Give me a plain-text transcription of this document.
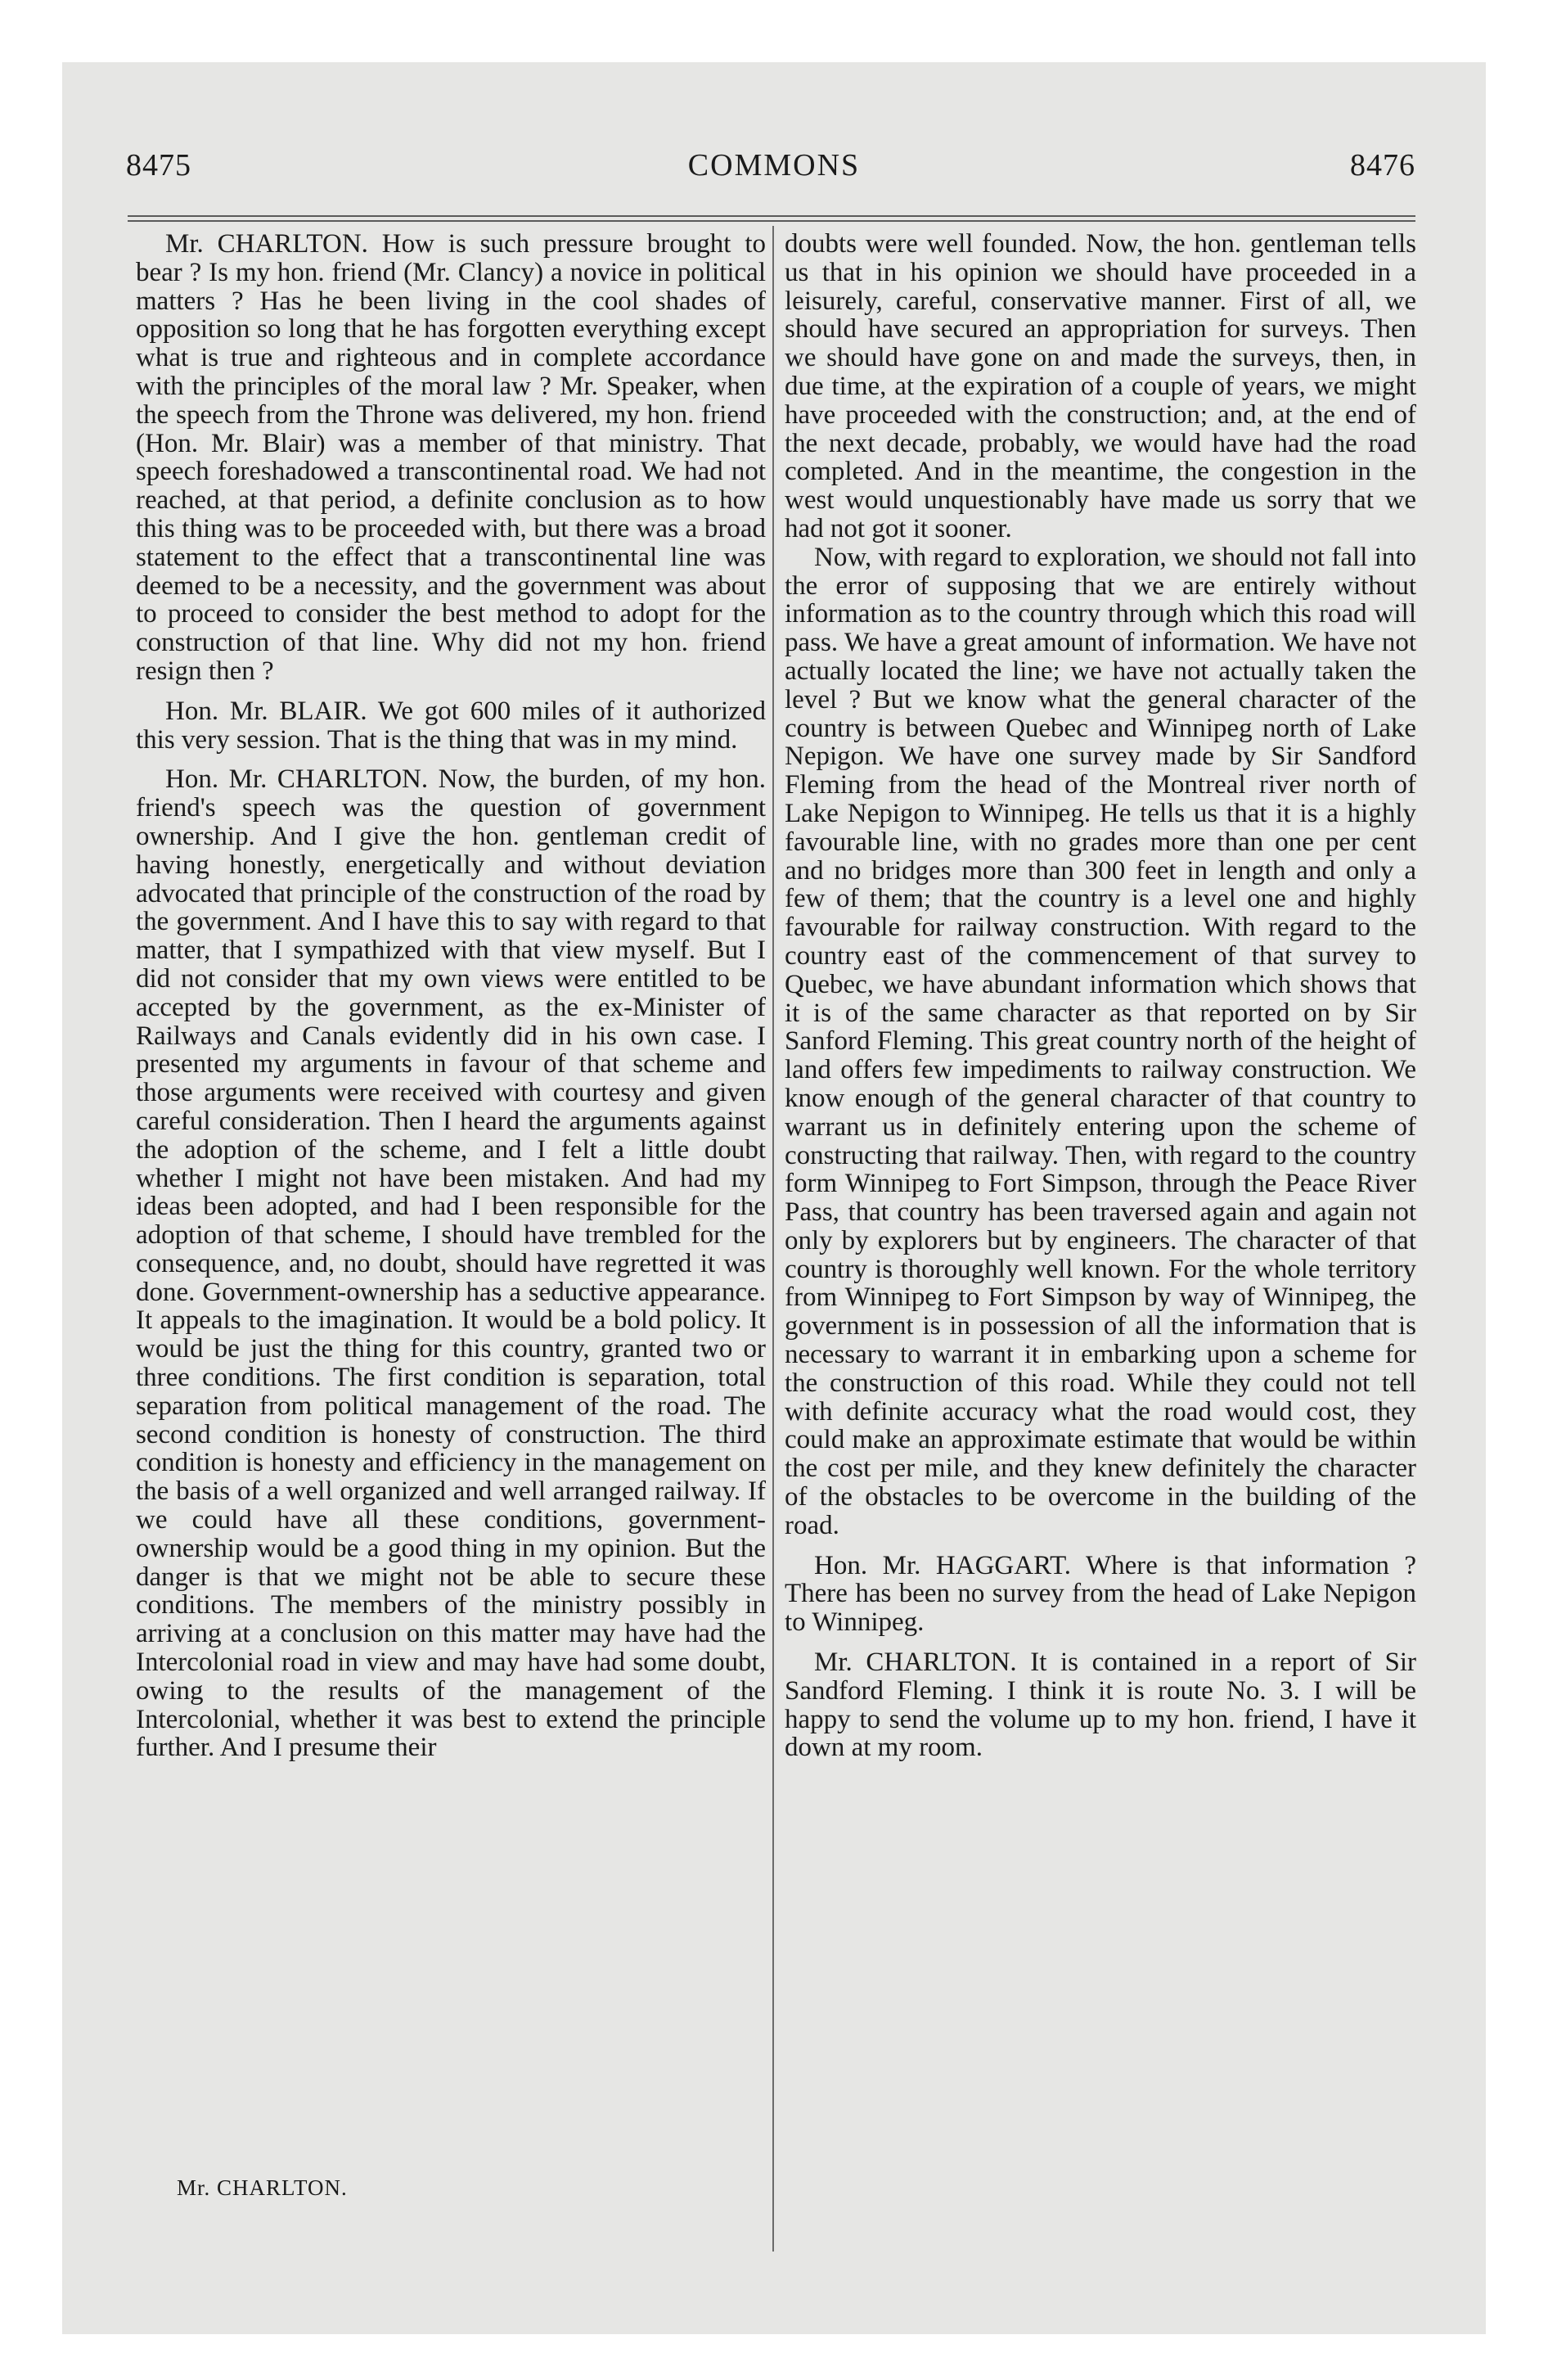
8475	COMMONS	8476

Mr. CHARLTON. How is such pressure brought to bear ? Is my hon. friend (Mr. Clancy) a novice in political matters ? Has he been living in the cool shades of opposition so long that he has forgotten everything except what is true and righteous and in complete accordance with the principles of the moral law ? Mr. Speaker, when the speech from the Throne was delivered, my hon. friend (Hon. Mr. Blair) was a member of that ministry. That speech foreshadowed a transcontinental road. We had not reached, at that period, a definite conclusion as to how this thing was to be proceeded with, but there was a broad statement to the effect that a transcontinental line was deemed to be a necessity, and the government was about to proceed to consider the best method to adopt for the construction of that line. Why did not my hon. friend resign then ?

Hon. Mr. BLAIR. We got 600 miles of it authorized this very session. That is the thing that was in my mind.

Hon. Mr. CHARLTON. Now, the burden, of my hon. friend's speech was the question of government ownership. And I give the hon. gentleman credit of having honestly, energetically and without deviation advocated that principle of the construction of the road by the government. And I have this to say with regard to that matter, that I sympathized with that view myself. But I did not consider that my own views were entitled to be accepted by the government, as the ex-Minister of Railways and Canals evidently did in his own case. I presented my arguments in favour of that scheme and those arguments were received with courtesy and given careful consideration. Then I heard the arguments against the adoption of the scheme, and I felt a little doubt whether I might not have been mistaken. And had my ideas been adopted, and had I been responsible for the adoption of that scheme, I should have trembled for the consequence, and, no doubt, should have regretted it was done. Government-ownership has a seductive appearance. It appeals to the imagination. It would be a bold policy. It would be just the thing for this country, granted two or three conditions. The first condition is separation, total separation from political management of the road. The second condition is honesty of construction. The third condition is honesty and efficiency in the management on the basis of a well organized and well arranged railway. If we could have all these conditions, government-ownership would be a good thing in my opinion. But the danger is that we might not be able to secure these conditions. The members of the ministry possibly in arriving at a conclusion on this matter may have had the Intercolonial road in view and may have had some doubt, owing to the results of the management of the Intercolonial, whether it was best to extend the principle further. And I presume their

doubts were well founded. Now, the hon. gentleman tells us that in his opinion we should have proceeded in a leisurely, careful, conservative manner. First of all, we should have secured an appropriation for surveys. Then we should have gone on and made the surveys, then, in due time, at the expiration of a couple of years, we might have proceeded with the construction; and, at the end of the next decade, probably, we would have had the road completed. And in the meantime, the congestion in the west would unquestionably have made us sorry that we had not got it sooner.

Now, with regard to exploration, we should not fall into the error of supposing that we are entirely without information as to the country through which this road will pass. We have a great amount of information. We have not actually located the line; we have not actually taken the level ? But we know what the general character of the country is between Quebec and Winnipeg north of Lake Nepigon. We have one survey made by Sir Sandford Fleming from the head of the Montreal river north of Lake Nepigon to Winnipeg. He tells us that it is a highly favourable line, with no grades more than one per cent and no bridges more than 300 feet in length and only a few of them; that the country is a level one and highly favourable for railway construction. With regard to the country east of the commencement of that survey to Quebec, we have abundant information which shows that it is of the same character as that reported on by Sir Sanford Fleming. This great country north of the height of land offers few impediments to railway construction. We know enough of the general character of that country to warrant us in definitely entering upon the scheme of constructing that railway. Then, with regard to the country form Winnipeg to Fort Simpson, through the Peace River Pass, that country has been traversed again and again not only by explorers but by engineers. The character of that country is thoroughly well known. For the whole territory from Winnipeg to Fort Simpson by way of Winnipeg, the government is in possession of all the information that is necessary to warrant it in embarking upon a scheme for the construction of this road. While they could not tell with definite accuracy what the road would cost, they could make an approximate estimate that would be within the cost per mile, and they knew definitely the character of the obstacles to be overcome in the building of the road.

Hon. Mr. HAGGART. Where is that information ? There has been no survey from the head of Lake Nepigon to Winnipeg.

Mr. CHARLTON. It is contained in a report of Sir Sandford Fleming. I think it is route No. 3. I will be happy to send the volume up to my hon. friend, I have it down at my room.

Mr. CHARLTON.
